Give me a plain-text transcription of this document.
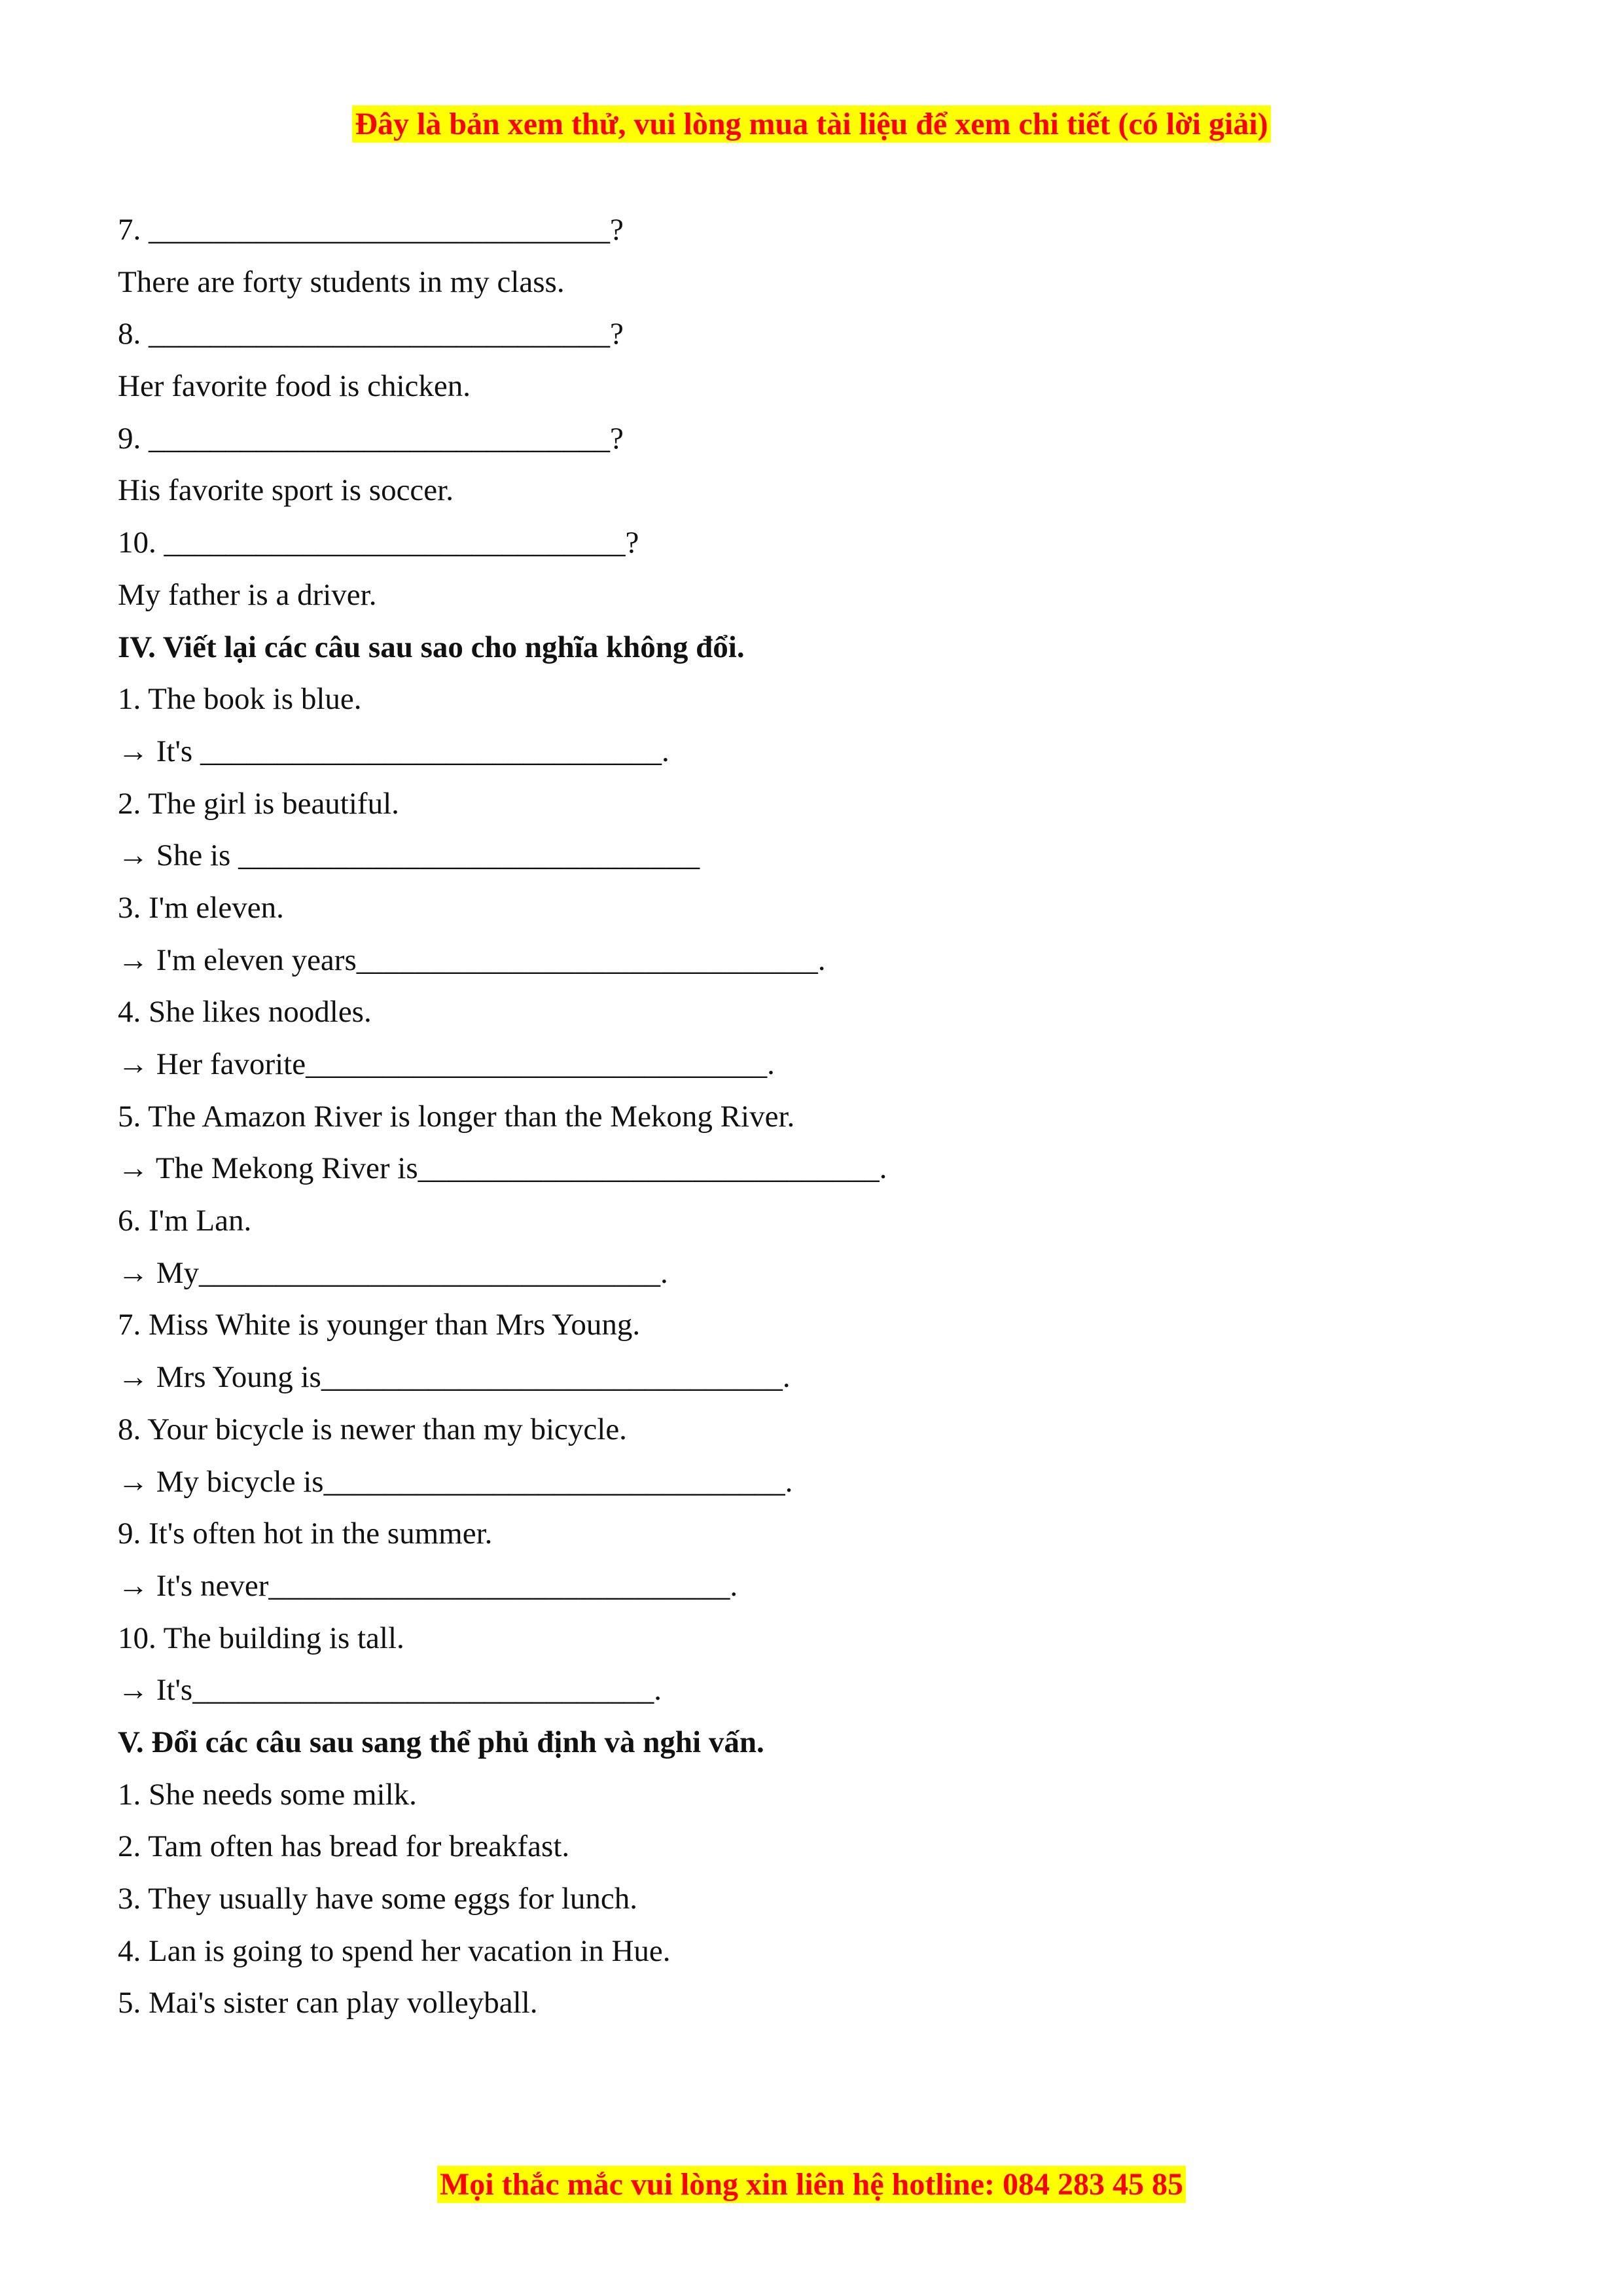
Đây là bản xem thử, vui lòng mua tài liệu để xem chi tiết (có lời giải)
7. ______________________________?
There are forty students in my class.
8. ______________________________?
Her favorite food is chicken.
9. ______________________________?
His favorite sport is soccer.
10. ______________________________?
My father is a driver.
IV. Viết lại các câu sau sao cho nghĩa không đổi.
1. The book is blue.
→ It's ______________________________.
2. The girl is beautiful.
→ She is ______________________________
3. I'm eleven.
→ I'm eleven years______________________________.
4. She likes noodles.
→ Her favorite______________________________.
5. The Amazon River is longer than the Mekong River.
→ The Mekong River is______________________________.
6. I'm Lan.
→ My______________________________.
7. Miss White is younger than Mrs Young.
→ Mrs Young is______________________________.
8. Your bicycle is newer than my bicycle.
→ My bicycle is______________________________.
9. It's often hot in the summer.
→ It's never______________________________.
10. The building is tall.
→ It's______________________________.
V. Đổi các câu sau sang thể phủ định và nghi vấn.
1. She needs some milk.
2. Tam often has bread for breakfast.
3. They usually have some eggs for lunch.
4. Lan is going to spend her vacation in Hue.
5. Mai's sister can play volleyball.
Mọi thắc mắc vui lòng xin liên hệ hotline: 084 283 45 85
